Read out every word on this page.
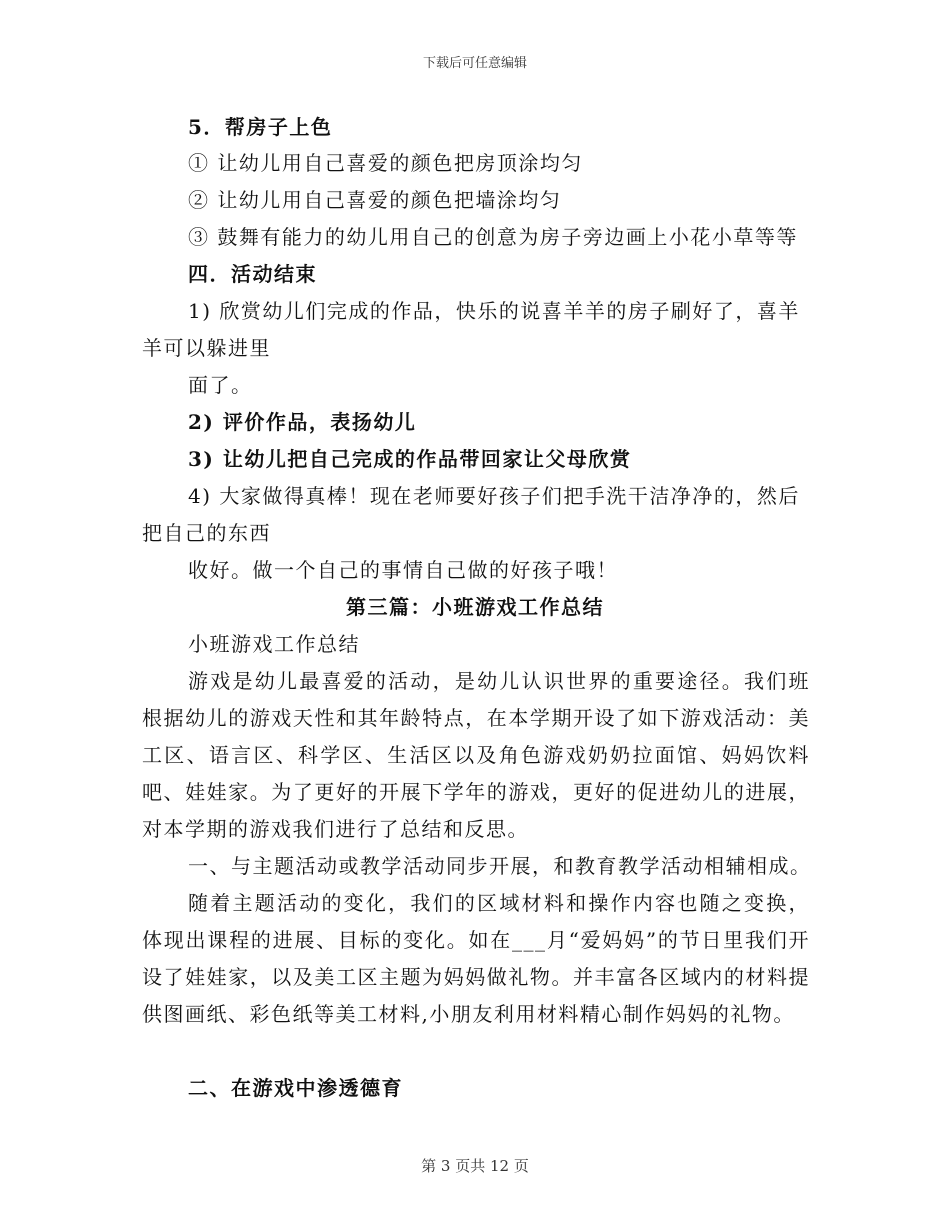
下载后可任意编辑
5．帮房子上色
① 让幼儿用自己喜爱的颜色把房顶涂均匀
② 让幼儿用自己喜爱的颜色把墙涂均匀
③ 鼓舞有能力的幼儿用自己的创意为房子旁边画上小花小草等等
四．活动结束
1) 欣赏幼儿们完成的作品，快乐的说喜羊羊的房子刷好了，喜羊
羊可以躲进里
面了。
2) 评价作品，表扬幼儿
3) 让幼儿把自己完成的作品带回家让父母欣赏
4) 大家做得真棒！现在老师要好孩子们把手洗干洁净净的，然后
把自己的东西
收好。做一个自己的事情自己做的好孩子哦！
第三篇：小班游戏工作总结
小班游戏工作总结

游戏是幼儿最喜爱的活动，是幼儿认识世界的重要途径。我们班根据幼儿的游戏天性和其年龄特点，在本学期开设了如下游戏活动：美工区、语言区、科学区、生活区以及角色游戏奶奶拉面馆、妈妈饮料吧、娃娃家。为了更好的开展下学年的游戏，更好的促进幼儿的进展，对本学期的游戏我们进行了总结和反思。

一、与主题活动或教学活动同步开展，和教育教学活动相辅相成。

随着主题活动的变化，我们的区域材料和操作内容也随之变换，体现出课程的进展、目标的变化。如在___月“爱妈妈”的节日里我们开设了娃娃家，以及美工区主题为妈妈做礼物。并丰富各区域内的材料提供图画纸、彩色纸等美工材料,小朋友利用材料精心制作妈妈的礼物。

二、在游戏中渗透德育
第 3 页共 12 页
